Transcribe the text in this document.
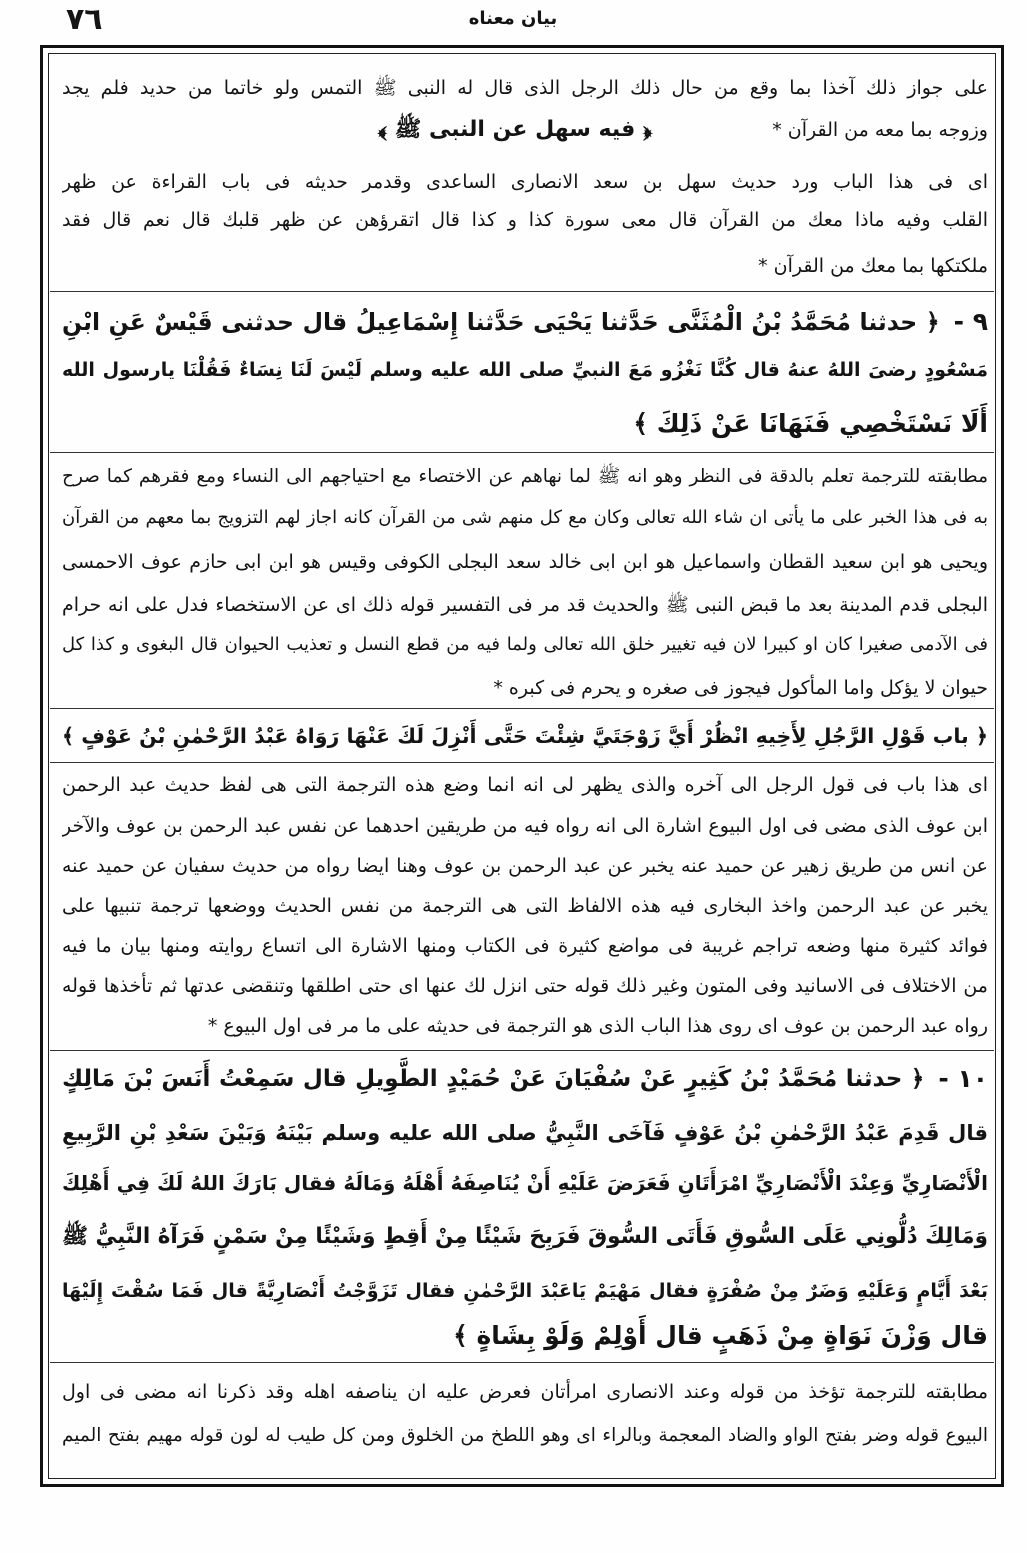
٧٦	بيان معناه
على جواز ذلك آخذا بما وقع من حال ذلك الرجل الذى قال له النبى ﷺ التمس ولو خاتما من حديد فلم يجد
وزوجه بما معه من القرآن *
﴿ فيه سهل عن النبى ﷺ ﴾
اى فى هذا الباب ورد حديث سهل بن سعد الانصارى الساعدى وقدمر حديثه فى باب القراءة عن ظهر
القلب وفيه ماذا معك من القرآن قال معى سورة كذا و كذا قال اتقرؤهن عن ظهر قلبك قال نعم قال فقد
ملكتكها بما معك من القرآن *
٩ -
﴿ حدثنا مُحَمَّدُ بْنُ الْمُثَنَّى حَدَّثنا يَحْيَى حَدَّثنا إِسْمَاعِيلُ قال حدثنى قَيْسٌ عَنِ ابْنِ
مَسْعُودٍ رضىَ اللهُ عنهُ قال كُنَّا نَغْزُو مَعَ النبيِّ صلى الله عليه وسلم لَيْسَ لَنَا نِسَاءٌ فَقُلْنَا يارسول الله
أَلَا نَسْتَخْصِي فَنَهَانَا عَنْ ذَلِكَ ﴾
مطابقته للترجمة تعلم بالدقة فى النظر وهو انه ﷺ لما نهاهم عن الاختصاء مع احتياجهم الى النساء ومع فقرهم كما صرح
به فى هذا الخبر على ما يأتى ان شاء الله تعالى وكان مع كل منهم شى من القرآن كانه اجاز لهم التزويج بما معهم من القرآن
ويحيى هو ابن سعيد القطان واسماعيل هو ابن ابى خالد سعد البجلى الكوفى وقيس هو ابن ابى حازم عوف الاحمسى
البجلى قدم المدينة بعد ما قبض النبى ﷺ والحديث قد مر فى التفسير قوله ذلك اى عن الاستخصاء فدل على انه حرام
فى الآدمى صغيرا كان او كبيرا لان فيه تغيير خلق الله تعالى ولما فيه من قطع النسل و تعذيب الحيوان قال البغوى و كذا كل
حيوان لا يؤكل واما المأكول فيجوز فى صغره و يحرم فى كبره *
﴿ باب قَوْلِ الرَّجُلِ لِأَخِيهِ انْظُرْ أَيَّ زَوْجَتَيَّ شِئْتَ حَتَّى أَنْزِلَ لَكَ عَنْهَا رَوَاهُ عَبْدُ الرَّحْمٰنِ بْنُ عَوْفٍ ﴾
اى هذا باب فى قول الرجل الى آخره والذى يظهر لى انه انما وضع هذه الترجمة التى هى لفظ حديث عبد الرحمن
ابن عوف الذى مضى فى اول البيوع اشارة الى انه رواه فيه من طريقين احدهما عن نفس عبد الرحمن بن عوف والآخر
عن انس من طريق زهير عن حميد عنه يخبر عن عبد الرحمن بن عوف وهنا ايضا رواه من حديث سفيان عن حميد عنه
يخبر عن عبد الرحمن واخذ البخارى فيه هذه الالفاظ التى هى الترجمة من نفس الحديث ووضعها ترجمة تنبيها على
فوائد كثيرة منها وضعه تراجم غريبة فى مواضع كثيرة فى الكتاب ومنها الاشارة الى اتساع روايته ومنها بيان ما فيه
من الاختلاف فى الاسانيد وفى المتون وغير ذلك قوله حتى انزل لك عنها اى حتى اطلقها وتنقضى عدتها ثم تأخذها قوله
رواه عبد الرحمن بن عوف اى روى هذا الباب الذى هو الترجمة فى حديثه على ما مر فى اول البيوع *
١٠ -
﴿ حدثنا مُحَمَّدُ بْنُ كَثِيرٍ عَنْ سُفْيَانَ عَنْ حُمَيْدٍ الطَّوِيلِ قال سَمِعْتُ أَنَسَ بْنَ مَالِكٍ
قال قَدِمَ عَبْدُ الرَّحْمٰنِ بْنُ عَوْفٍ فَآخَى النَّبِيُّ صلى الله عليه وسلم بَيْنَهُ وَبَيْنَ سَعْدِ بْنِ الرَّبِيعِ
الْأَنْصَارِيِّ وَعِنْدَ الْأَنْصَارِيِّ امْرَأَتَانِ فَعَرَضَ عَلَيْهِ أَنْ يُنَاصِفَهُ أَهْلَهُ وَمَالَهُ فقال بَارَكَ اللهُ لَكَ فِي أَهْلِكَ
وَمَالِكَ دُلُّونِي عَلَى السُّوقِ فَأَتَى السُّوقَ فَرَبِحَ شَيْئًا مِنْ أَقِطٍ وَشَيْئًا مِنْ سَمْنٍ فَرَآهُ النَّبِيُّ ﷺ
بَعْدَ أَيَّامٍ وَعَلَيْهِ وَضَرٌ مِنْ صُفْرَةٍ فقال مَهْيَمْ يَاعَبْدَ الرَّحْمٰنِ فقال تَزَوَّجْتُ أَنْصَارِيَّةً قال فَمَا سُقْتَ إِلَيْهَا
قال وَزْنَ نَوَاةٍ مِنْ ذَهَبٍ قال أَوْلِمْ وَلَوْ بِشَاةٍ ﴾
مطابقته للترجمة تؤخذ من قوله وعند الانصارى امرأتان فعرض عليه ان يناصفه اهله وقد ذكرنا انه مضى فى اول
البيوع قوله وضر بفتح الواو والضاد المعجمة وبالراء اى وهو اللطخ من الخلوق ومن كل طيب له لون قوله مهيم بفتح الميم
